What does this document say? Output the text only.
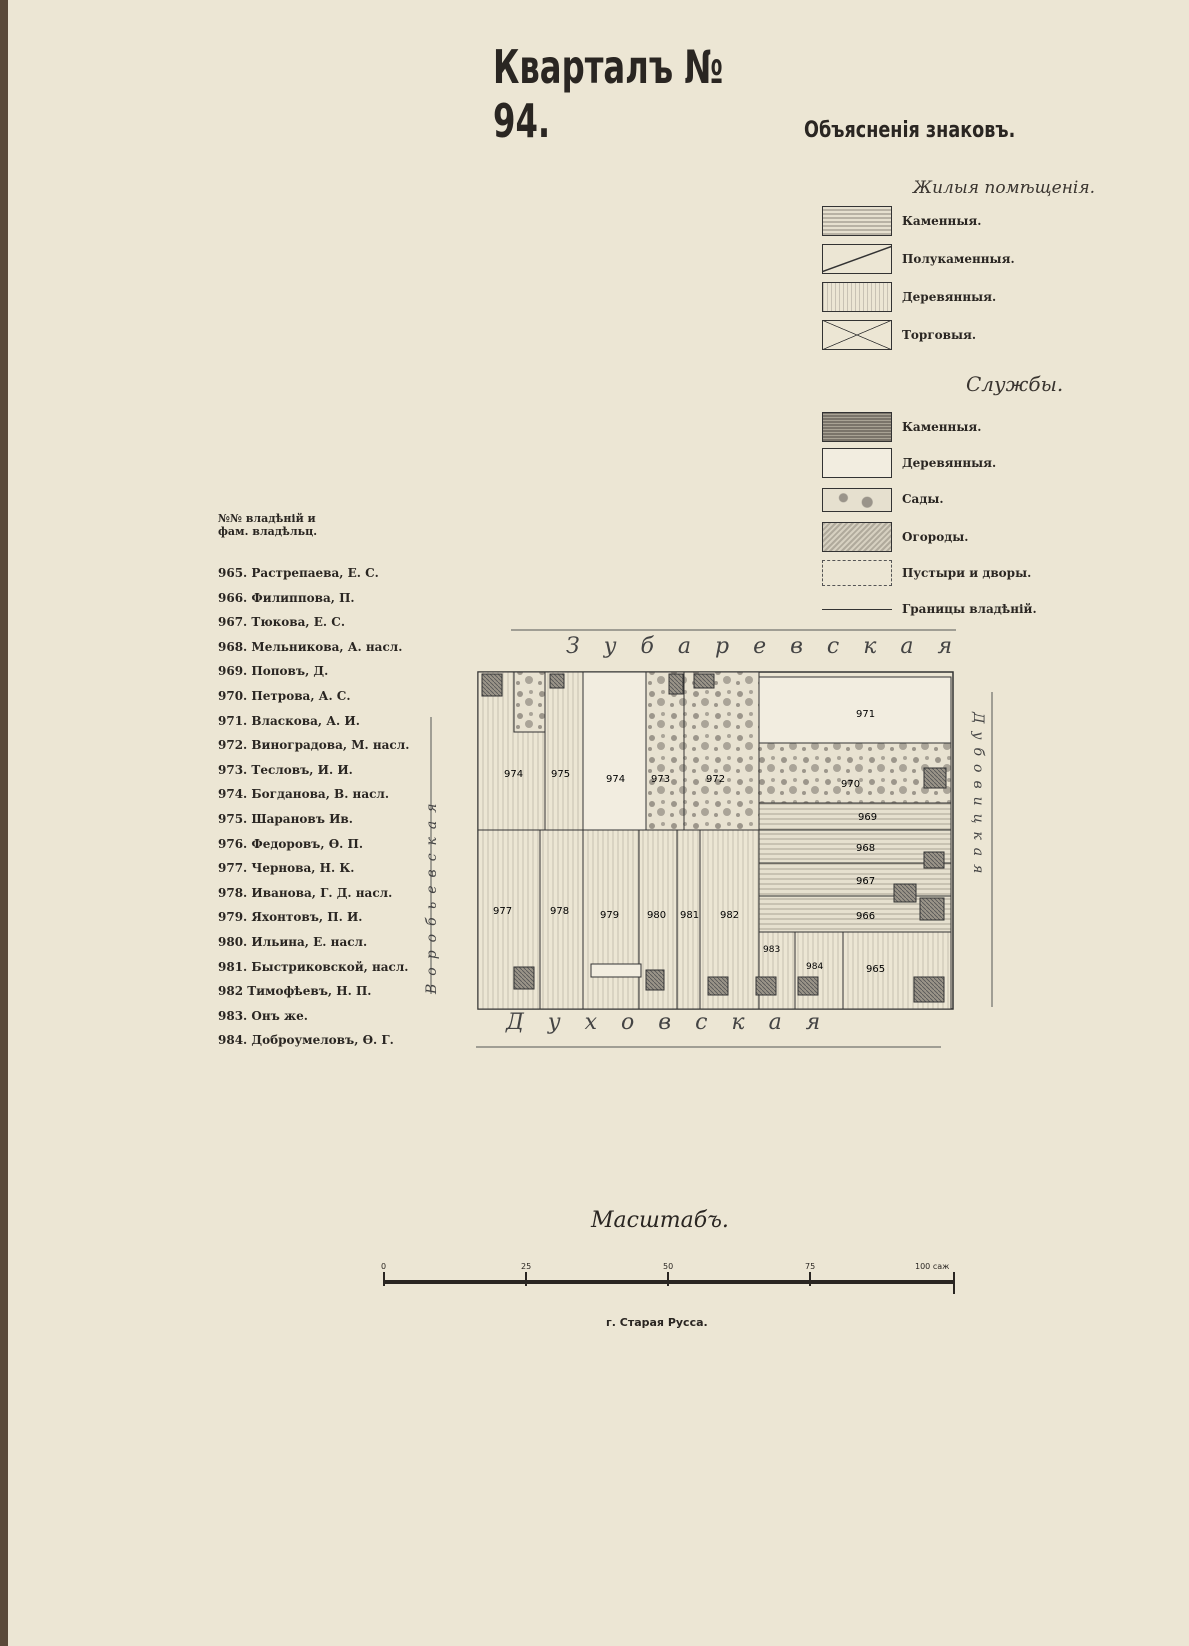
Кварталъ № 94.	Объясненія знаковъ.
Жилыя помѣщенія.
Каменныя.
Полукаменныя.
Деревянныя.
Торговыя.
Службы.
Каменныя.
Деревянныя.
Сады.
Огороды.
Пустыри и дворы.
Границы владѣній.
№№ владѣній и
фам. владѣльц.
965. Растрепаева, Е. С.
966. Филиппова, П.
967. Тюкова, Е. С.
968. Мельникова, А. насл.
969. Поповъ, Д.
970. Петрова, А. С.
971. Власкова, А. И.
972. Виноградова, М. насл.
973. Тесловъ, И. И.
974. Богданова, В. насл.
975. Шарановъ Ив.
976. Федоровъ, Ѳ. П.
977. Чернова, Н. К.
978. Иванова, Г. Д. насл.
979. Яхонтовъ, П. И.
980. Ильина, Е. насл.
981. Быстриковской, насл.
982 Тимофѣевъ, Н. П.
983. Онъ же.
984. Доброумеловъ, Ѳ. Г.
974	975	974	973	972
971
970
969
968
967
966
977	978	979	980 981 982
983
984	965
Зубаревская
Духовская
Воробьевская	Дубовицкая
Масштабъ.
0	25	50	75	100 саж
г. Старая Русса.
